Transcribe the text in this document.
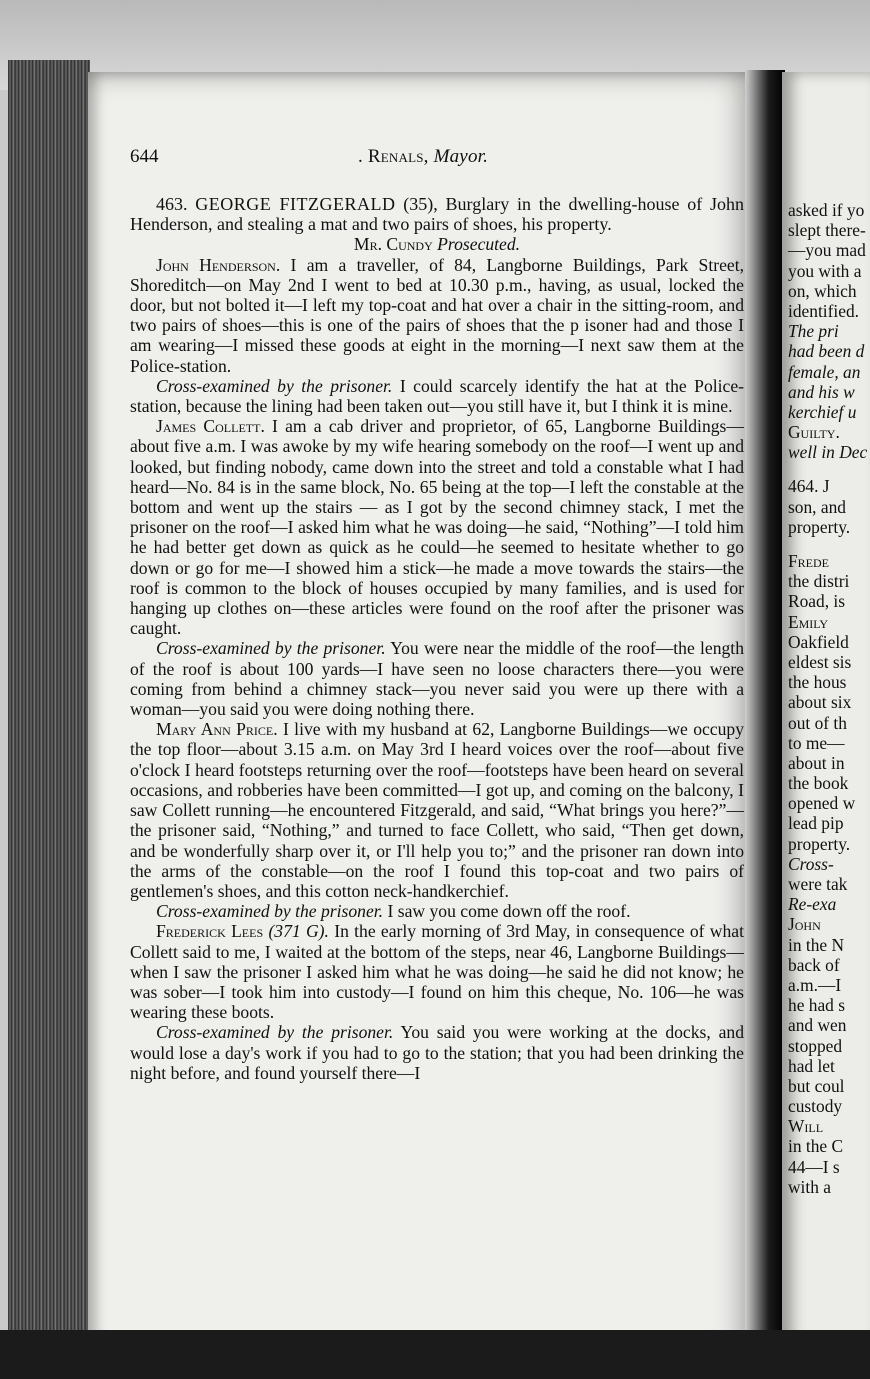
asked if yo
slept there-
—you mad
you with a
on, which
identified.
The pri
had been d
female, an
and his w
kerchief u
Guilty.
well in Dec
464. J
son, and
property.
Frede
the distri
Road, is
Emily
Oakfield
eldest sis
the hous
about six
out of th
to me—
about in
the book
opened w
lead pip
property.
Cross-
were tak
Re-exa
John
in the N
back of
a.m.—I
he had s
and wen
stopped
had let
but coul
custody
Will
in the C
44—I s
with a
644	. Renals, Mayor.

463. GEORGE FITZGERALD (35), Burglary in the dwelling-house of John Henderson, and stealing a mat and two pairs of shoes, his property.

Mr. Cundy Prosecuted.

John Henderson. I am a traveller, of 84, Langborne Buildings, Park Street, Shoreditch—on May 2nd I went to bed at 10.30 p.m., having, as usual, locked the door, but not bolted it—I left my top-coat and hat over a chair in the sitting-room, and two pairs of shoes—this is one of the pairs of shoes that the p isoner had and those I am wearing—I missed these goods at eight in the morning—I next saw them at the Police-station.

Cross-examined by the prisoner. I could scarcely identify the hat at the Police-station, because the lining had been taken out—you still have it, but I think it is mine.

James Collett. I am a cab driver and proprietor, of 65, Langborne Buildings—about five a.m. I was awoke by my wife hearing somebody on the roof—I went up and looked, but finding nobody, came down into the street and told a constable what I had heard—No. 84 is in the same block, No. 65 being at the top—I left the constable at the bottom and went up the stairs — as I got by the second chimney stack, I met the prisoner on the roof—I asked him what he was doing—he said, “Nothing”—I told him he had better get down as quick as he could—he seemed to hesitate whether to go down or go for me—I showed him a stick—he made a move towards the stairs—the roof is common to the block of houses occupied by many families, and is used for hanging up clothes on—these articles were found on the roof after the prisoner was caught.

Cross-examined by the prisoner. You were near the middle of the roof—the length of the roof is about 100 yards—I have seen no loose characters there—you were coming from behind a chimney stack—you never said you were up there with a woman—you said you were doing nothing there.

Mary Ann Price. I live with my husband at 62, Langborne Buildings—we occupy the top floor—about 3.15 a.m. on May 3rd I heard voices over the roof—about five o'clock I heard footsteps returning over the roof—footsteps have been heard on several occasions, and robberies have been committed—I got up, and coming on the balcony, I saw Collett running—he encountered Fitzgerald, and said, “What brings you here?”—the prisoner said, “Nothing,” and turned to face Collett, who said, “Then get down, and be wonderfully sharp over it, or I'll help you to;” and the prisoner ran down into the arms of the constable—on the roof I found this top-coat and two pairs of gentlemen's shoes, and this cotton neck-handkerchief.

Cross-examined by the prisoner. I saw you come down off the roof.

Frederick Lees (371 G). In the early morning of 3rd May, in consequence of what Collett said to me, I waited at the bottom of the steps, near 46, Langborne Buildings—when I saw the prisoner I asked him what he was doing—he said he did not know; he was sober—I took him into custody—I found on him this cheque, No. 106—he was wearing these boots.

Cross-examined by the prisoner. You said you were working at the docks, and would lose a day's work if you had to go to the station; that you had been drinking the night before, and found yourself there—I
